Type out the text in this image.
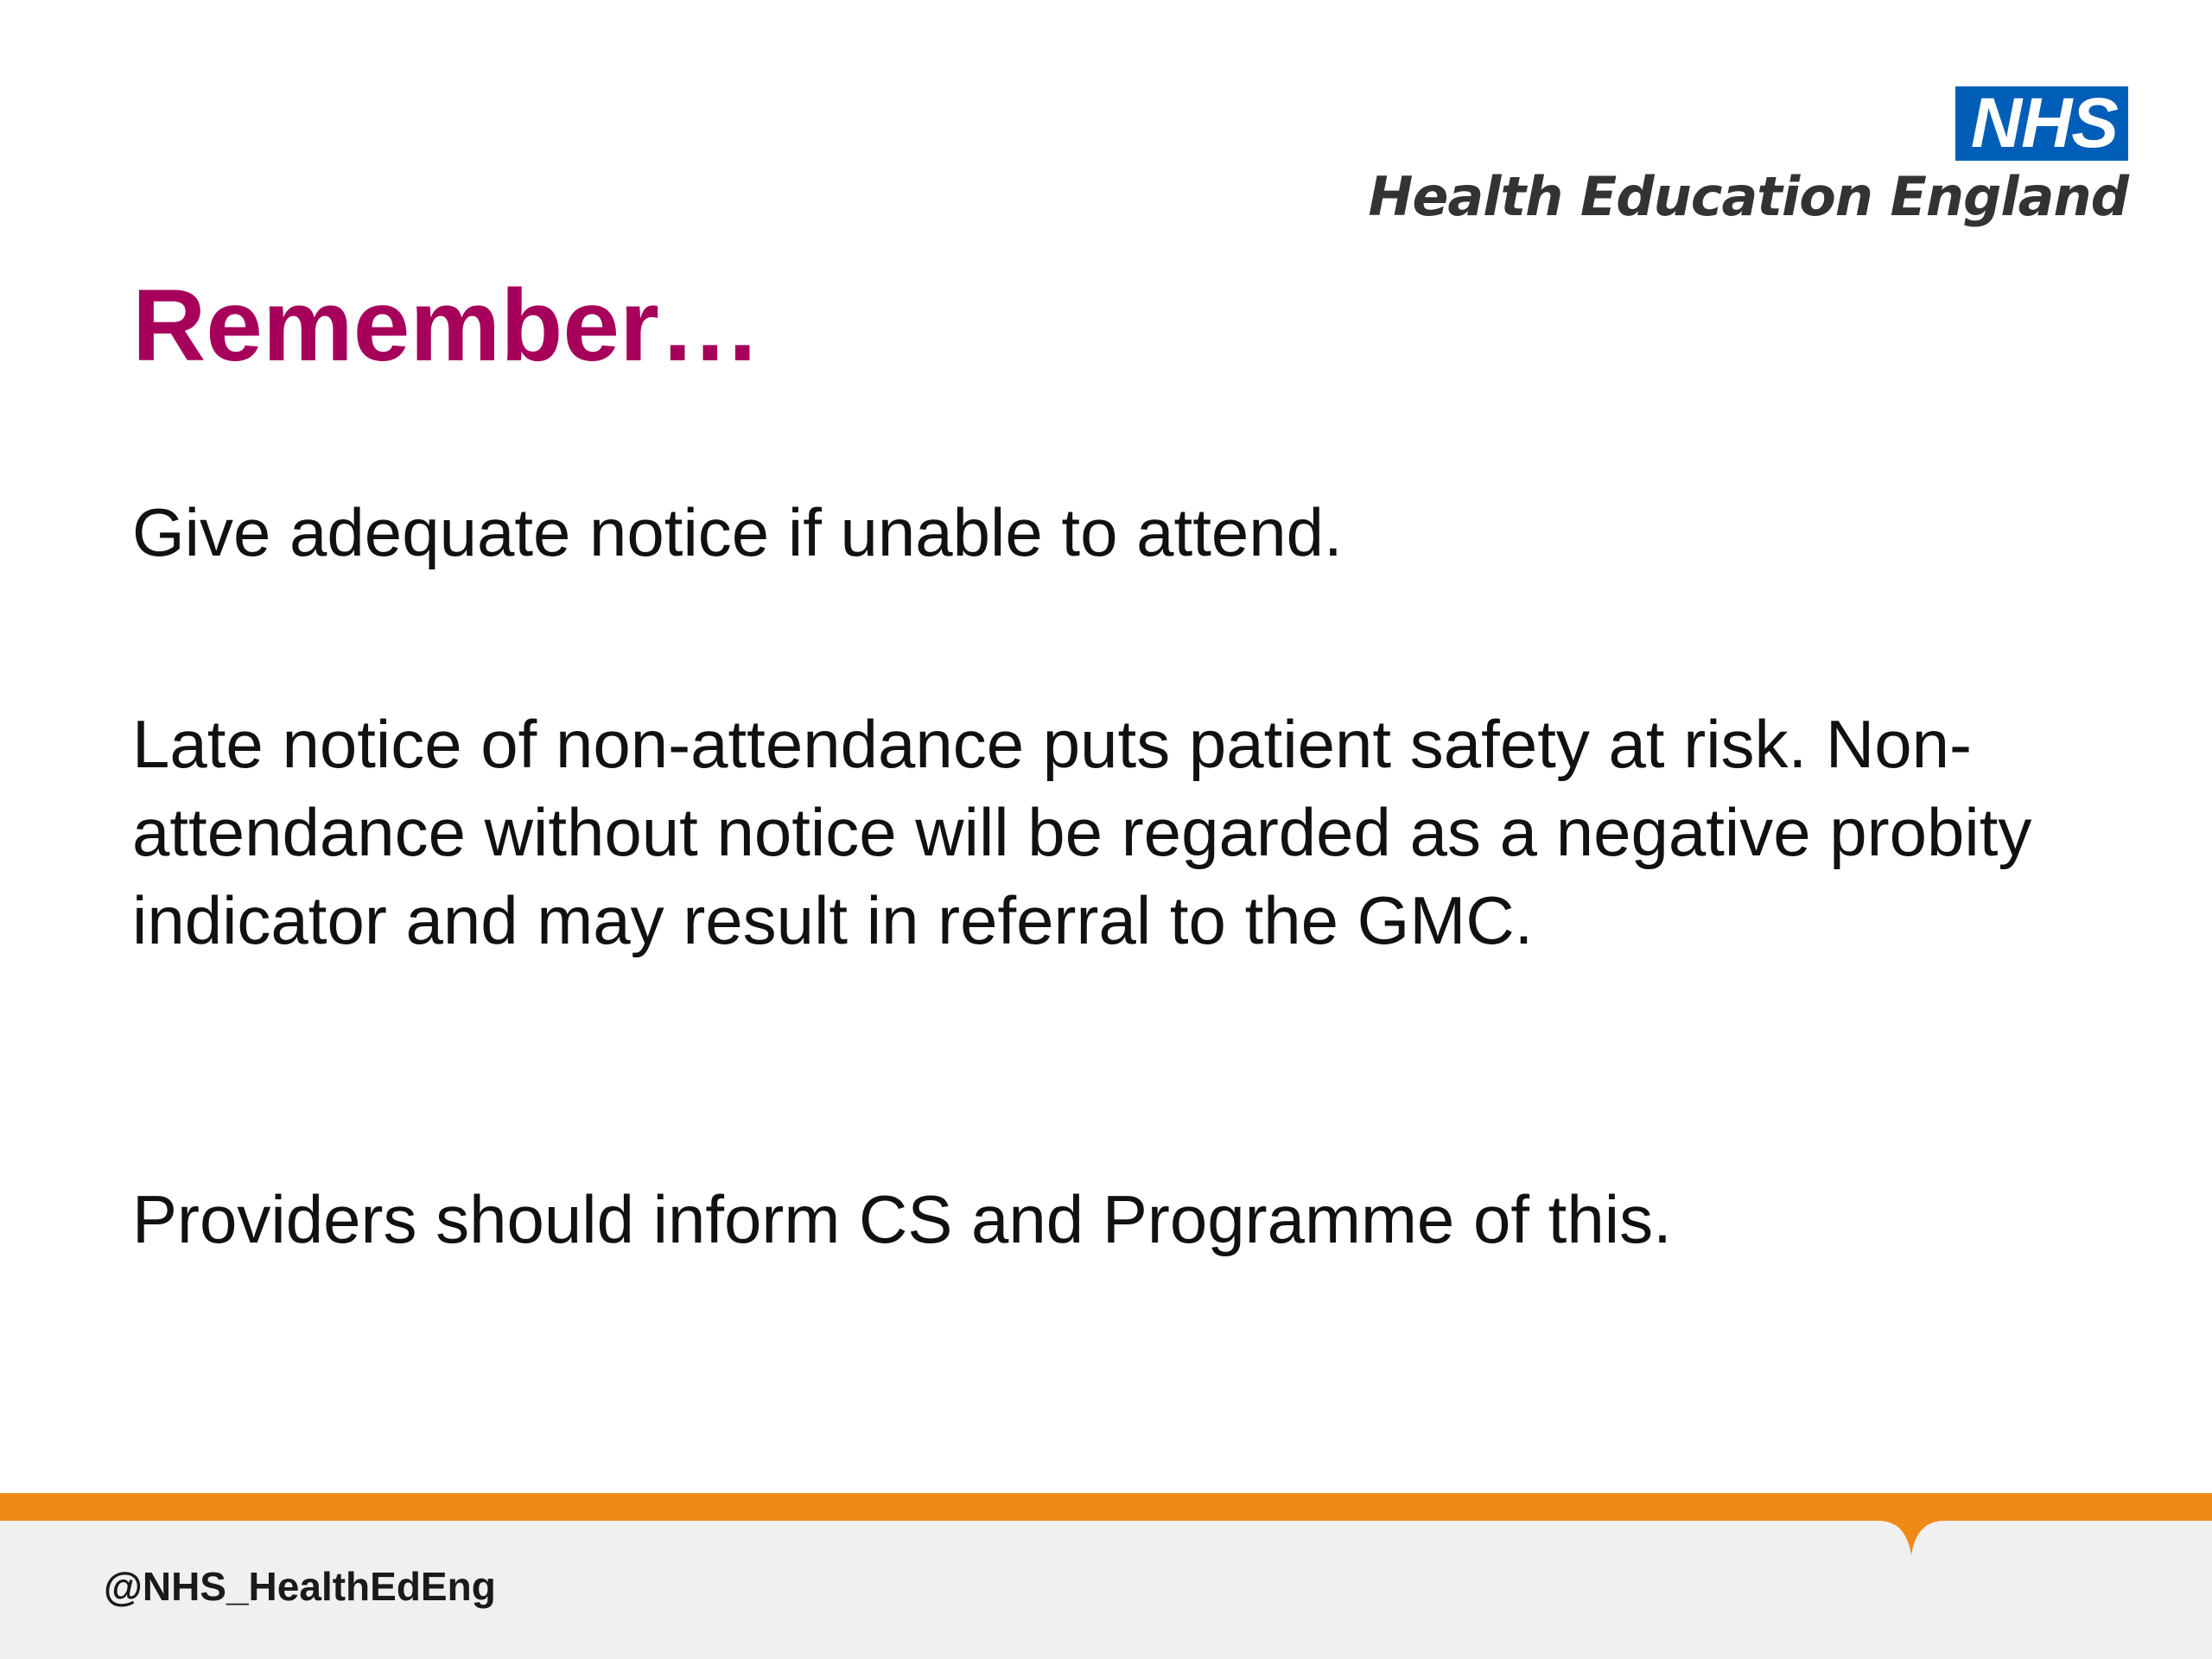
NHS
Health Education England
Remember…

Give adequate notice if unable to attend.

Late notice of non-attendance puts patient safety at risk. Non-attendance without notice will be regarded as a negative probity indicator and may result in referral to the GMC.

Providers should inform CS and Programme of this.

@NHS_HealthEdEng
